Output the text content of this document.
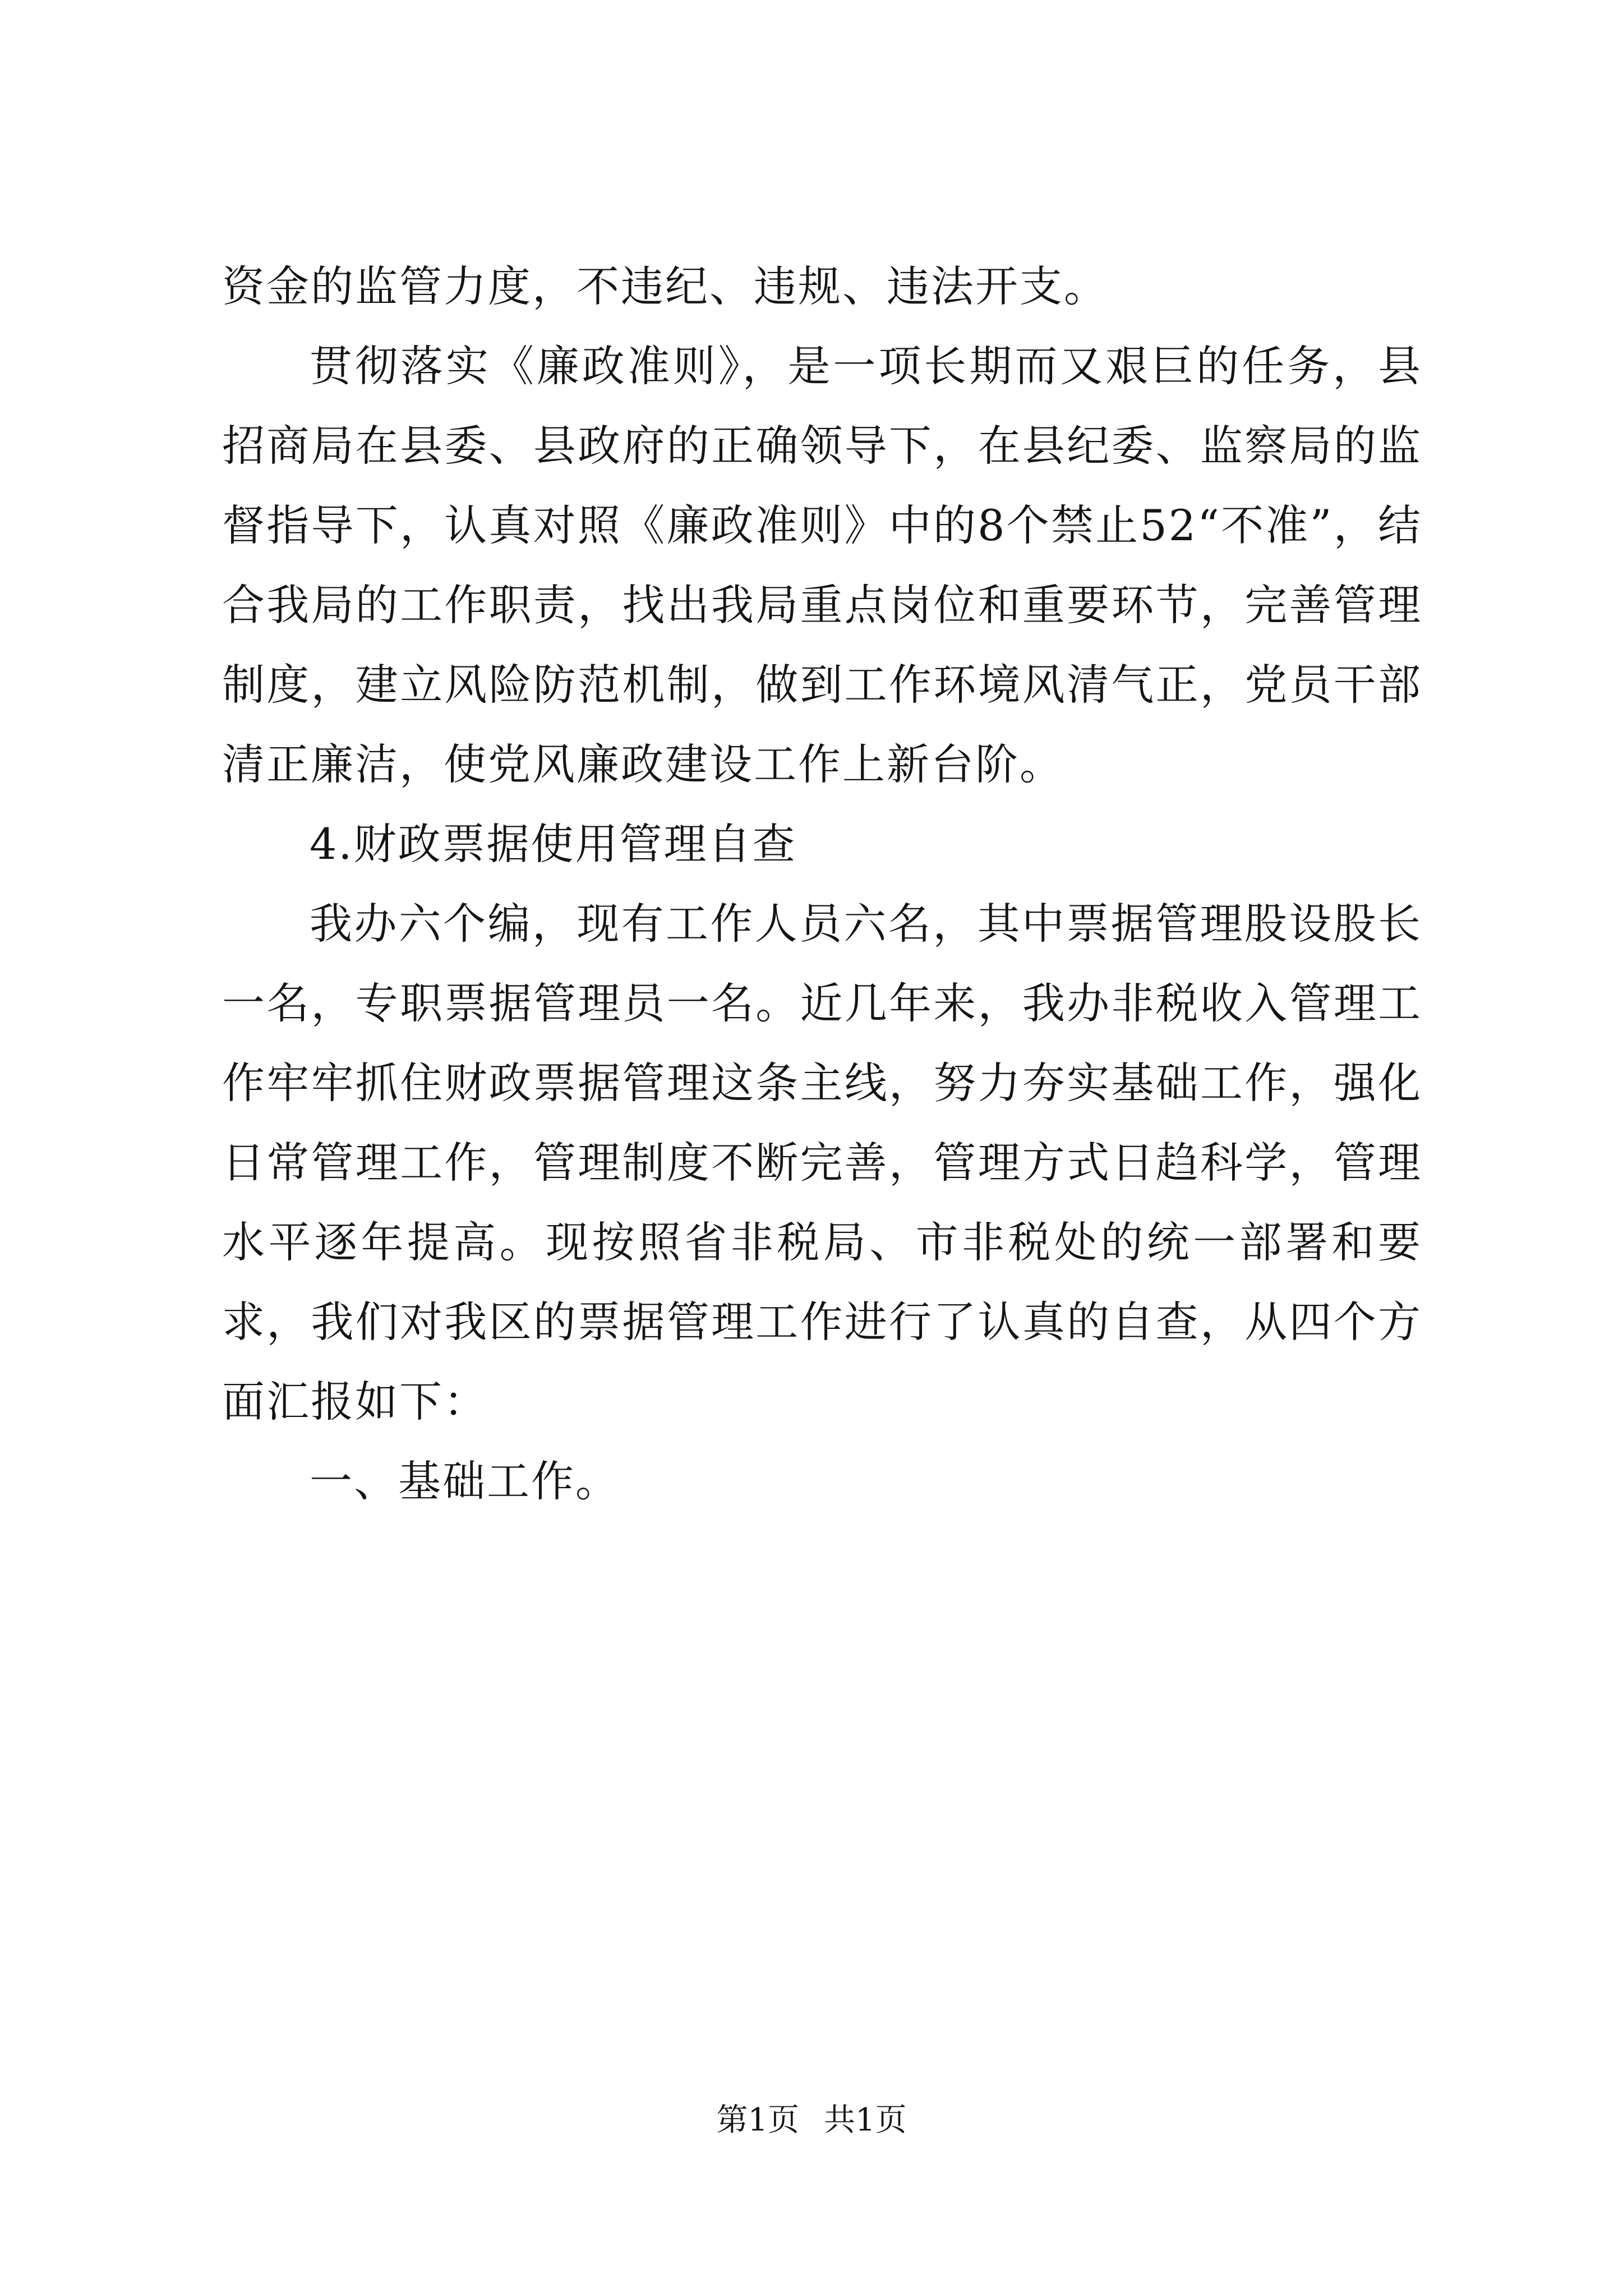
资金的监管力度，不违纪、违规、违法开支。

贯彻落实《廉政准则》，是一项长期而又艰巨的任务，县招商局在县委、县政府的正确领导下，在县纪委、监察局的监督指导下，认真对照《廉政准则》中的8个禁止52“不准”，结合我局的工作职责，找出我局重点岗位和重要环节，完善管理制度，建立风险防范机制，做到工作环境风清气正，党员干部清正廉洁，使党风廉政建设工作上新台阶。

4.财政票据使用管理自查

我办六个编，现有工作人员六名，其中票据管理股设股长一名，专职票据管理员一名。近几年来，我办非税收入管理工作牢牢抓住财政票据管理这条主线，努力夯实基础工作，强化日常管理工作，管理制度不断完善，管理方式日趋科学，管理水平逐年提高。现按照省非税局、市非税处的统一部署和要求，我们对我区的票据管理工作进行了认真的自查，从四个方面汇报如下：

一、基础工作。

第1页 共1页
